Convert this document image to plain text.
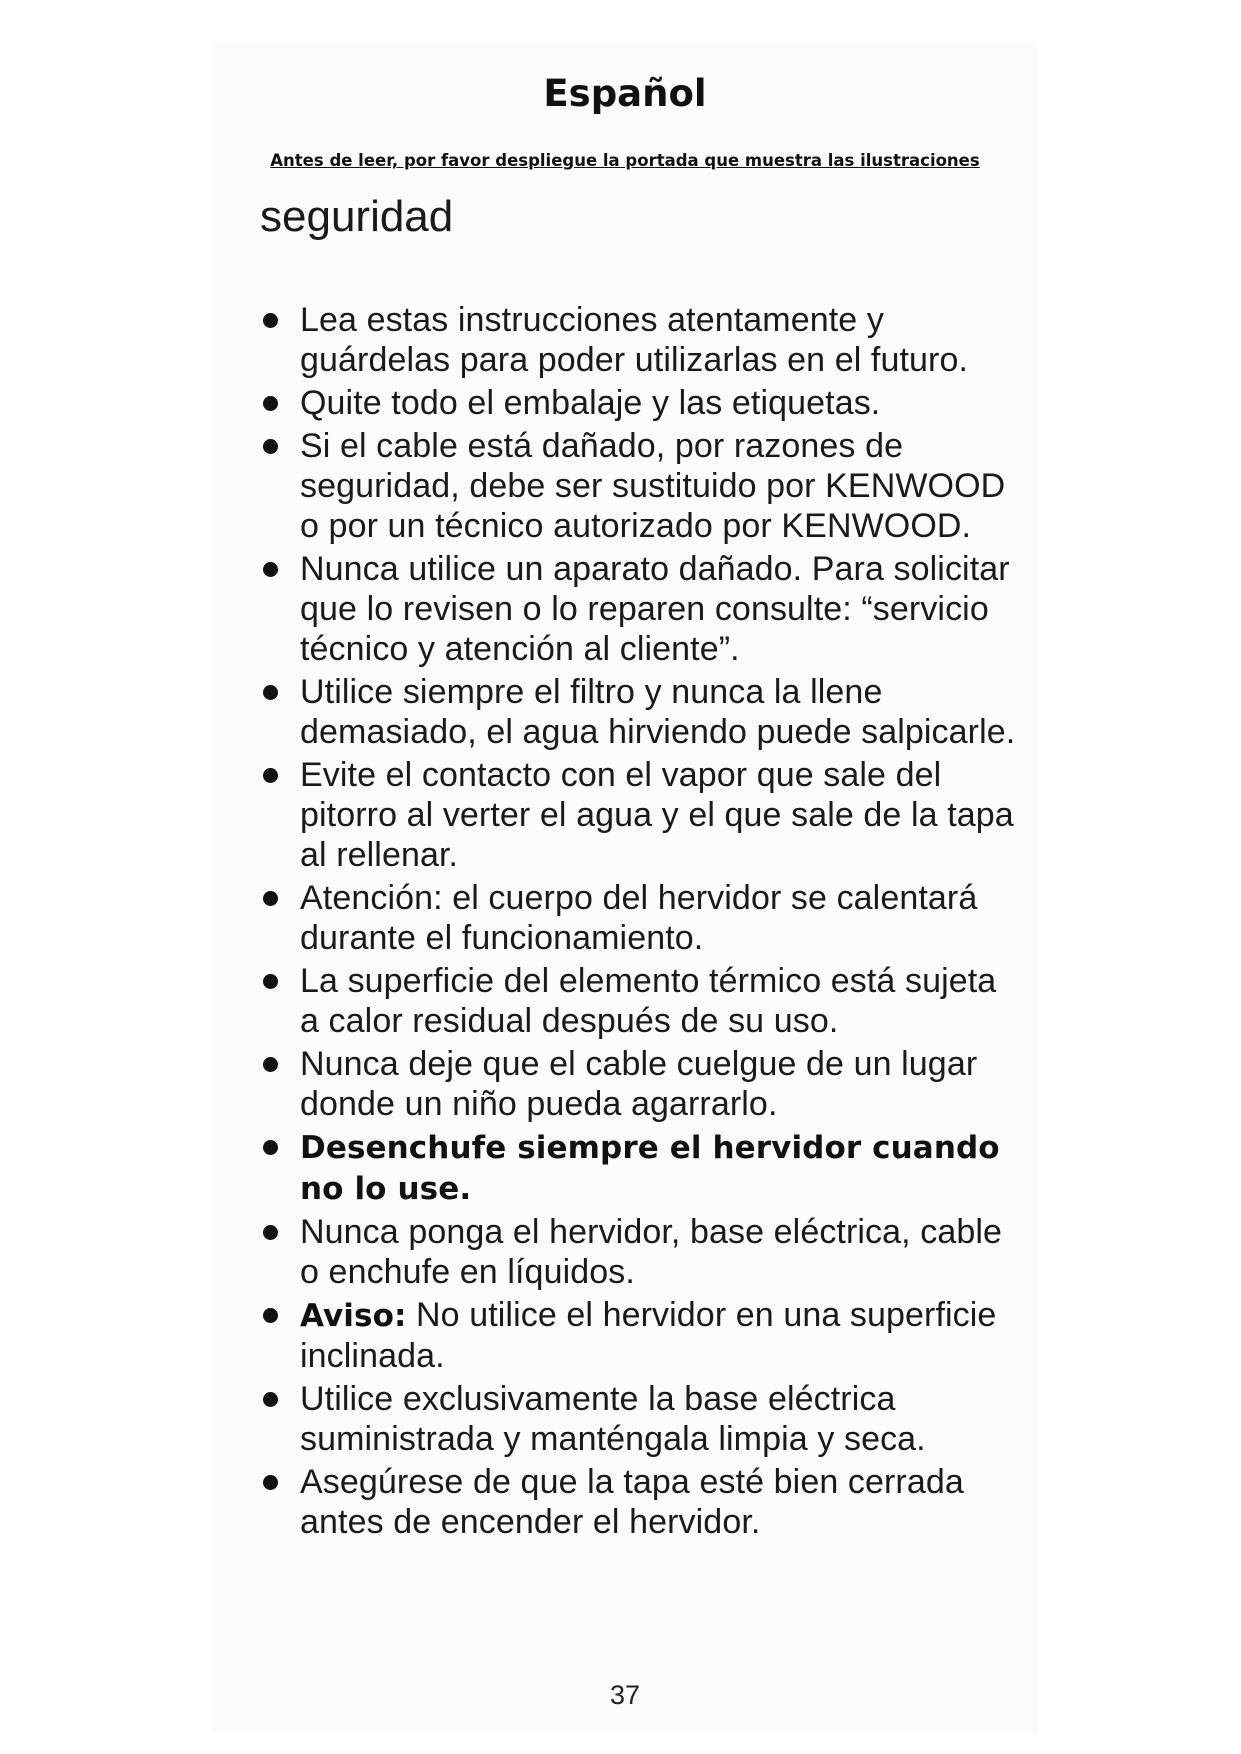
Español

Antes de leer, por favor despliegue la portada que muestra las ilustraciones

seguridad
Lea estas instrucciones atentamente y guárdelas para poder utilizarlas en el futuro.
Quite todo el embalaje y las etiquetas.
Si el cable está dañado, por razones de seguridad, debe ser sustituido por KENWOOD o por un técnico autorizado por KENWOOD.
Nunca utilice un aparato dañado. Para solicitar que lo revisen o lo reparen consulte: “servicio técnico y atención al cliente”.
Utilice siempre el filtro y nunca la llene demasiado, el agua hirviendo puede salpicarle.
Evite el contacto con el vapor que sale del pitorro al verter el agua y el que sale de la tapa al rellenar.
Atención: el cuerpo del hervidor se calentará durante el funcionamiento.
La superficie del elemento térmico está sujeta a calor residual después de su uso.
Nunca deje que el cable cuelgue de un lugar donde un niño pueda agarrarlo.
Desenchufe siempre el hervidor cuando no lo use.
Nunca ponga el hervidor, base eléctrica, cable o enchufe en líquidos.
Aviso: No utilice el hervidor en una superficie inclinada.
Utilice exclusivamente la base eléctrica suministrada y manténgala limpia y seca.
Asegúrese de que la tapa esté bien cerrada antes de encender el hervidor.

37
